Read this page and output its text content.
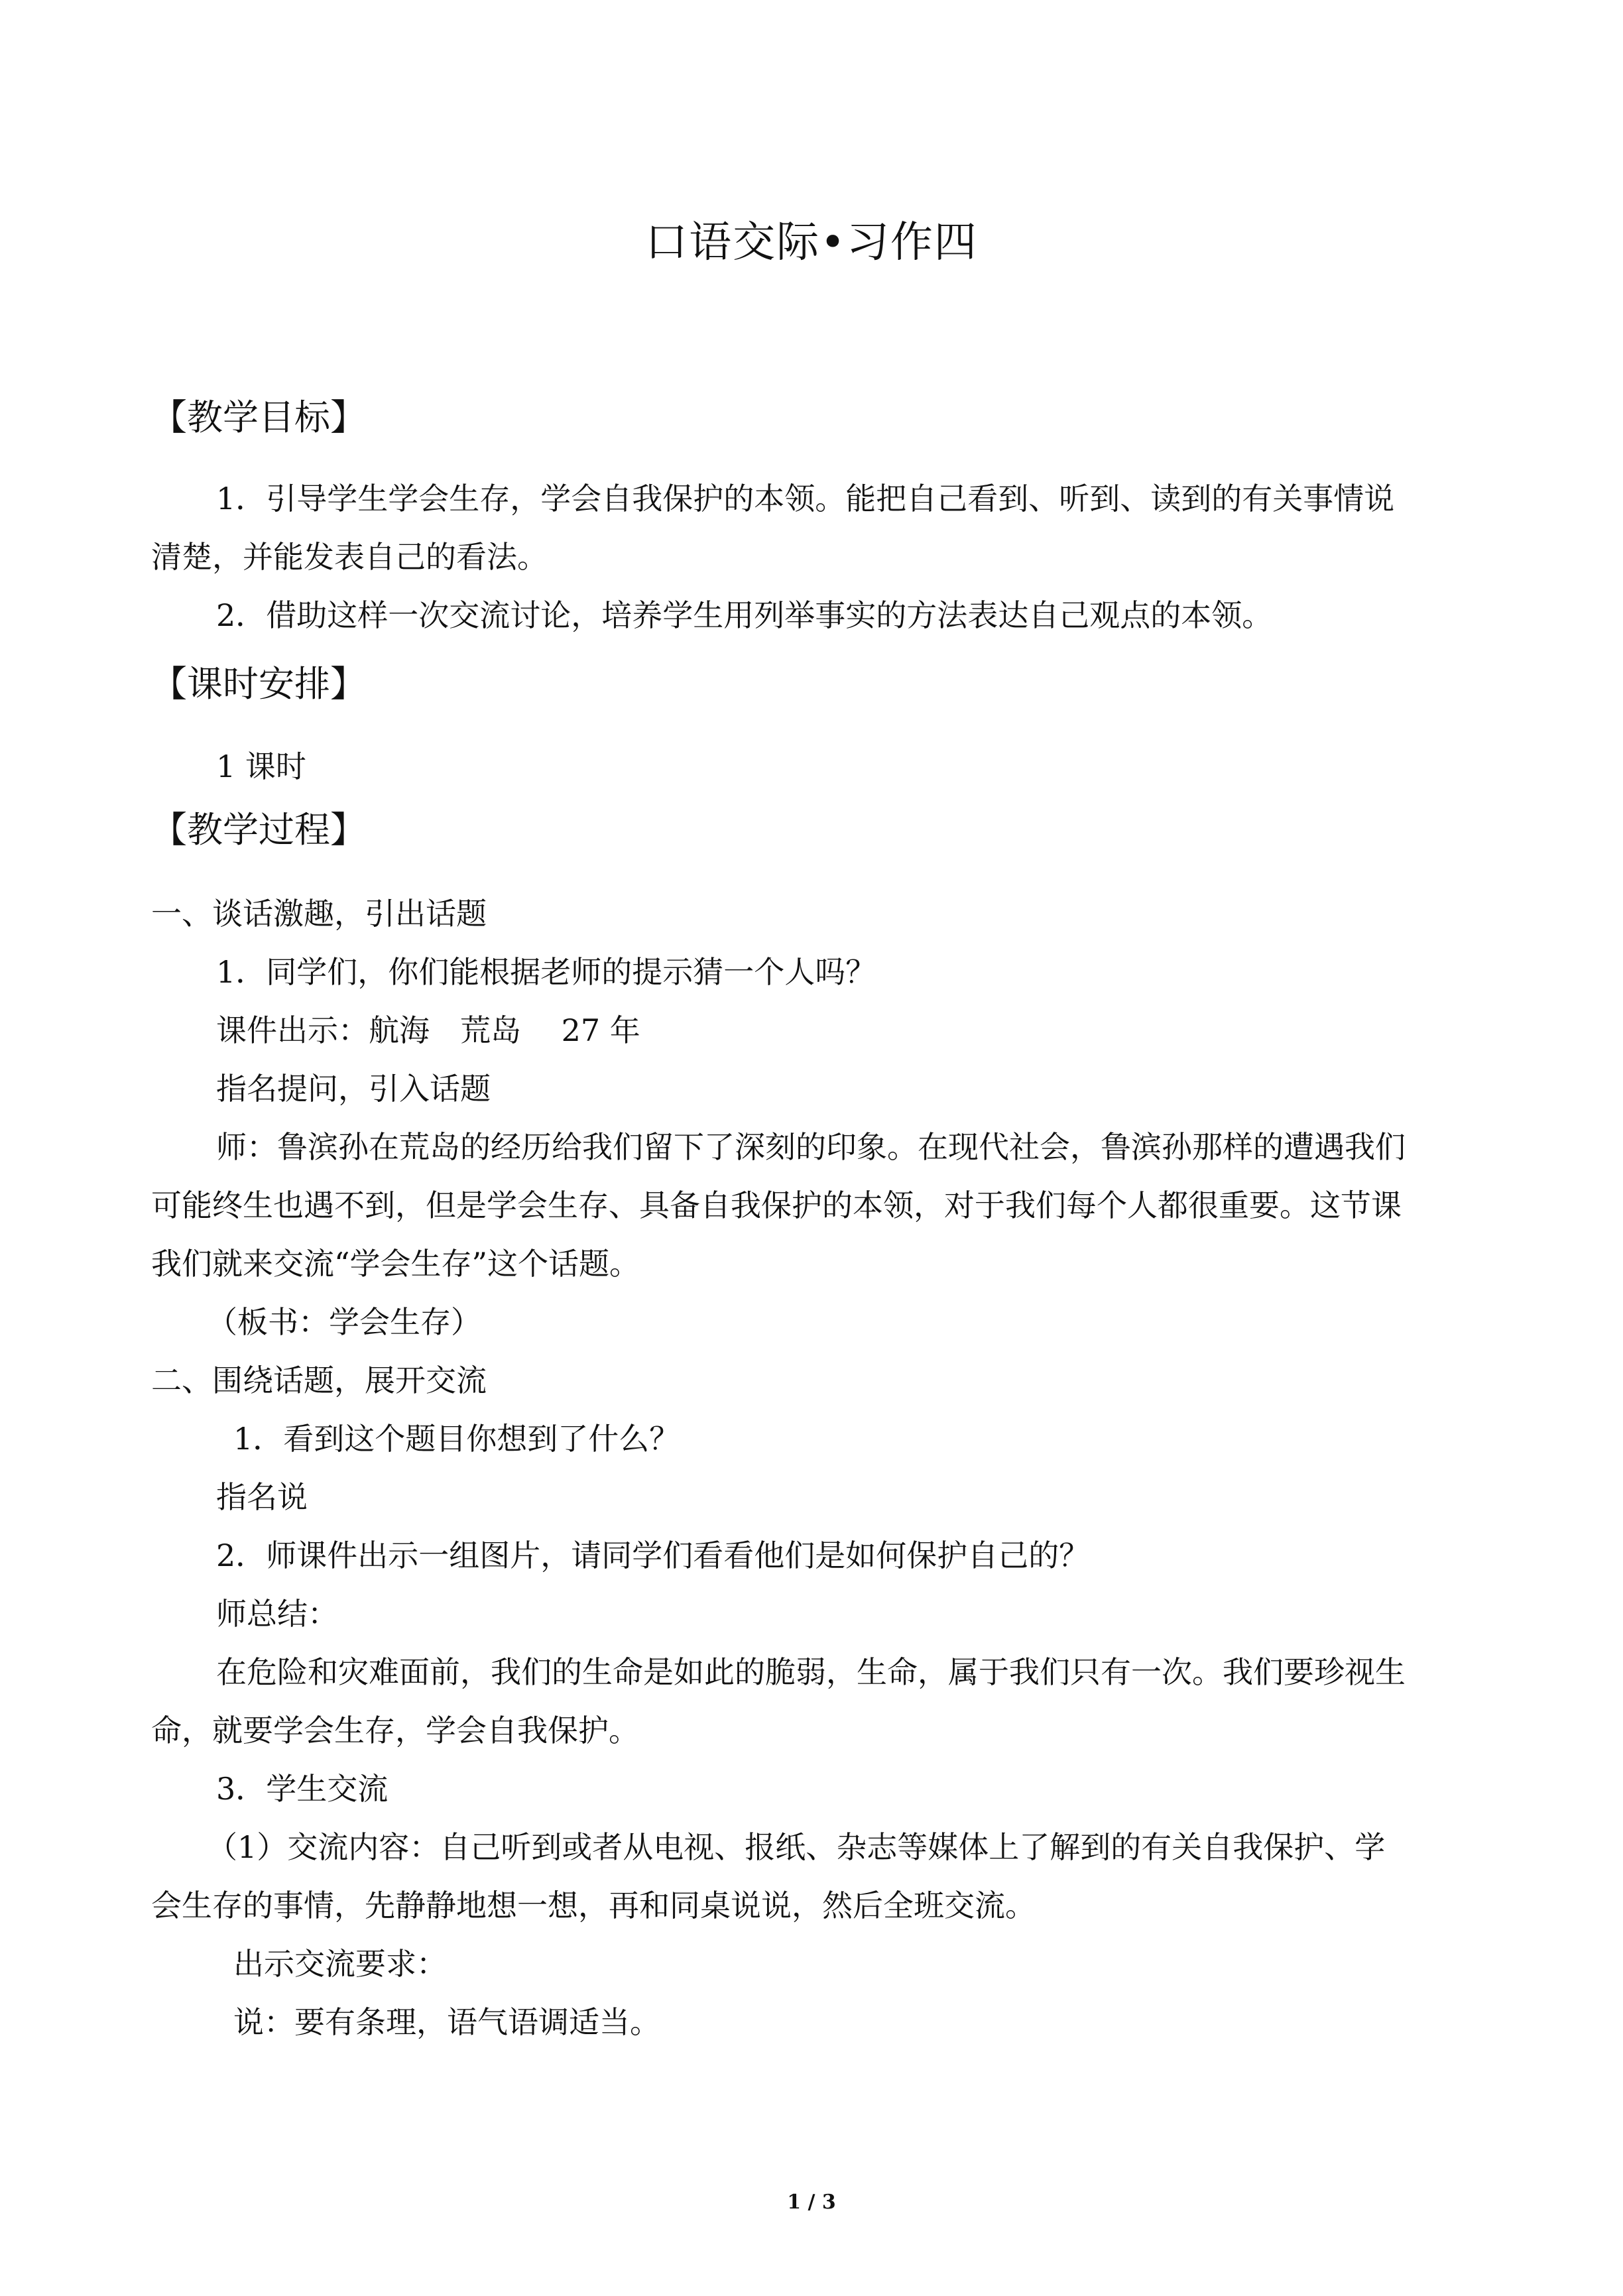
口语交际•习作四
【教学目标】
1．引导学生学会生存，学会自我保护的本领。能把自己看到、听到、读到的有关事情说
清楚，并能发表自己的看法。
2．借助这样一次交流讨论，培养学生用列举事实的方法表达自己观点的本领。
【课时安排】
1 课时
【教学过程】
一、谈话激趣，引出话题
1．同学们，你们能根据老师的提示猜一个人吗？
课件出示：航海　荒岛　 27 年
指名提问，引入话题
师：鲁滨孙在荒岛的经历给我们留下了深刻的印象。在现代社会，鲁滨孙那样的遭遇我们
可能终生也遇不到，但是学会生存、具备自我保护的本领，对于我们每个人都很重要。这节课
我们就来交流“学会生存”这个话题。
（板书：学会生存）
二、围绕话题，展开交流
1．看到这个题目你想到了什么？
指名说
2．师课件出示一组图片，请同学们看看他们是如何保护自己的？
师总结：
在危险和灾难面前，我们的生命是如此的脆弱，生命，属于我们只有一次。我们要珍视生
命，就要学会生存，学会自我保护。
3．学生交流
（1）交流内容：自己听到或者从电视、报纸、杂志等媒体上了解到的有关自我保护、学
会生存的事情，先静静地想一想，再和同桌说说，然后全班交流。
出示交流要求：
说：要有条理，语气语调适当。
1 / 3
